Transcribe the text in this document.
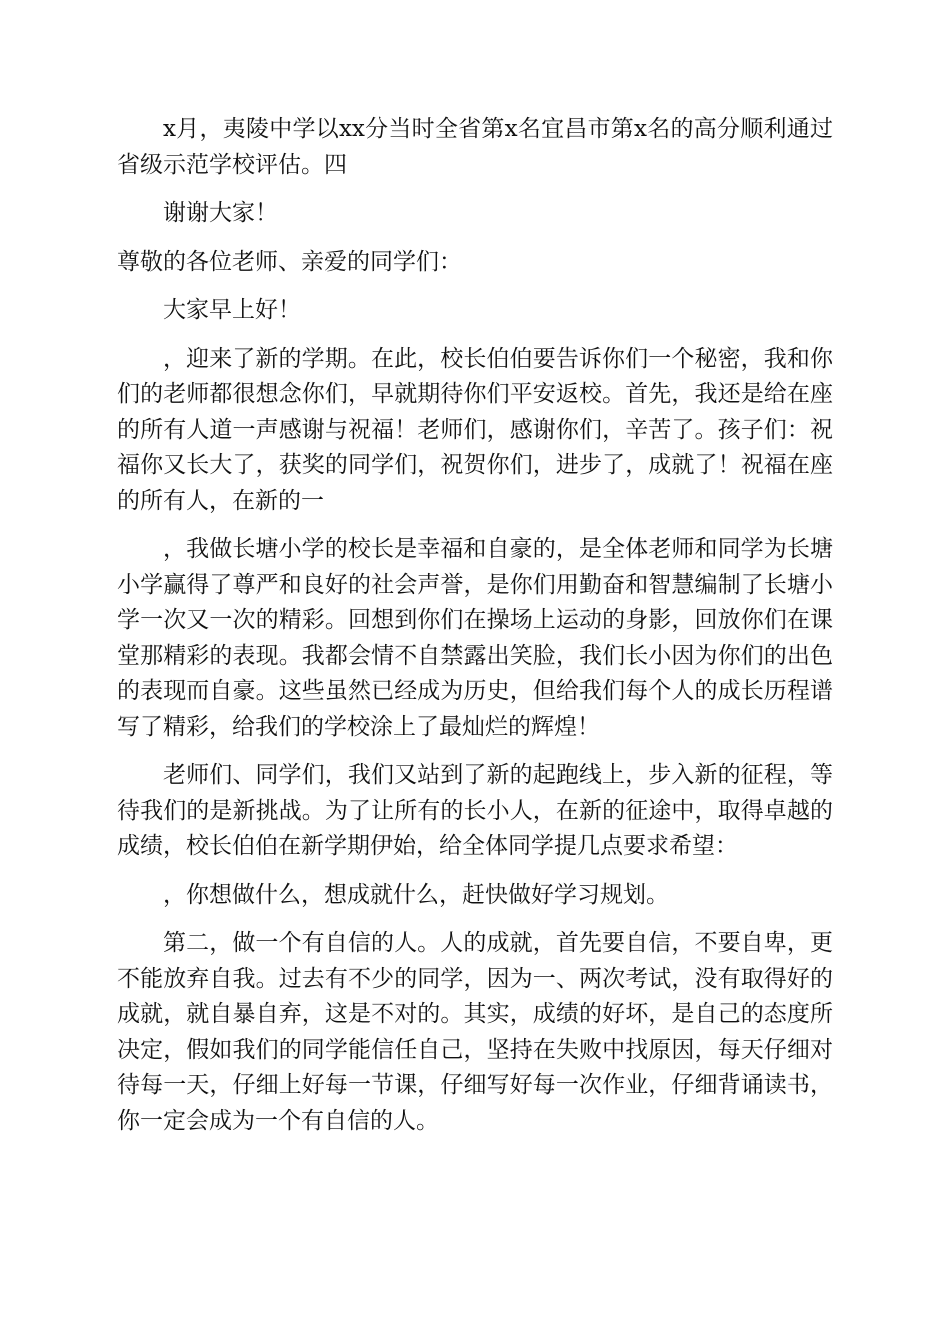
x月，夷陵中学以xx分当时全省第x名宜昌市第x名的高分顺利通过省级示范学校评估。四

谢谢大家！

尊敬的各位老师、亲爱的同学们：

大家早上好！

，迎来了新的学期。在此，校长伯伯要告诉你们一个秘密，我和你们的老师都很想念你们，早就期待你们平安返校。首先，我还是给在座的所有人道一声感谢与祝福！老师们，感谢你们，辛苦了。孩子们：祝福你又长大了，获奖的同学们，祝贺你们，进步了，成就了！祝福在座的所有人，在新的一

，我做长塘小学的校长是幸福和自豪的，是全体老师和同学为长塘小学赢得了尊严和良好的社会声誉，是你们用勤奋和智慧编制了长塘小学一次又一次的精彩。回想到你们在操场上运动的身影，回放你们在课堂那精彩的表现。我都会情不自禁露出笑脸，我们长小因为你们的出色的表现而自豪。这些虽然已经成为历史，但给我们每个人的成长历程谱写了精彩，给我们的学校涂上了最灿烂的辉煌！

老师们、同学们，我们又站到了新的起跑线上，步入新的征程，等待我们的是新挑战。为了让所有的长小人，在新的征途中，取得卓越的成绩，校长伯伯在新学期伊始，给全体同学提几点要求希望：

，你想做什么，想成就什么，赶快做好学习规划。

第二，做一个有自信的人。人的成就，首先要自信，不要自卑，更不能放弃自我。过去有不少的同学，因为一、两次考试，没有取得好的成就，就自暴自弃，这是不对的。其实，成绩的好坏，是自己的态度所决定，假如我们的同学能信任自己，坚持在失败中找原因，每天仔细对待每一天，仔细上好每一节课，仔细写好每一次作业，仔细背诵读书，你一定会成为一个有自信的人。
